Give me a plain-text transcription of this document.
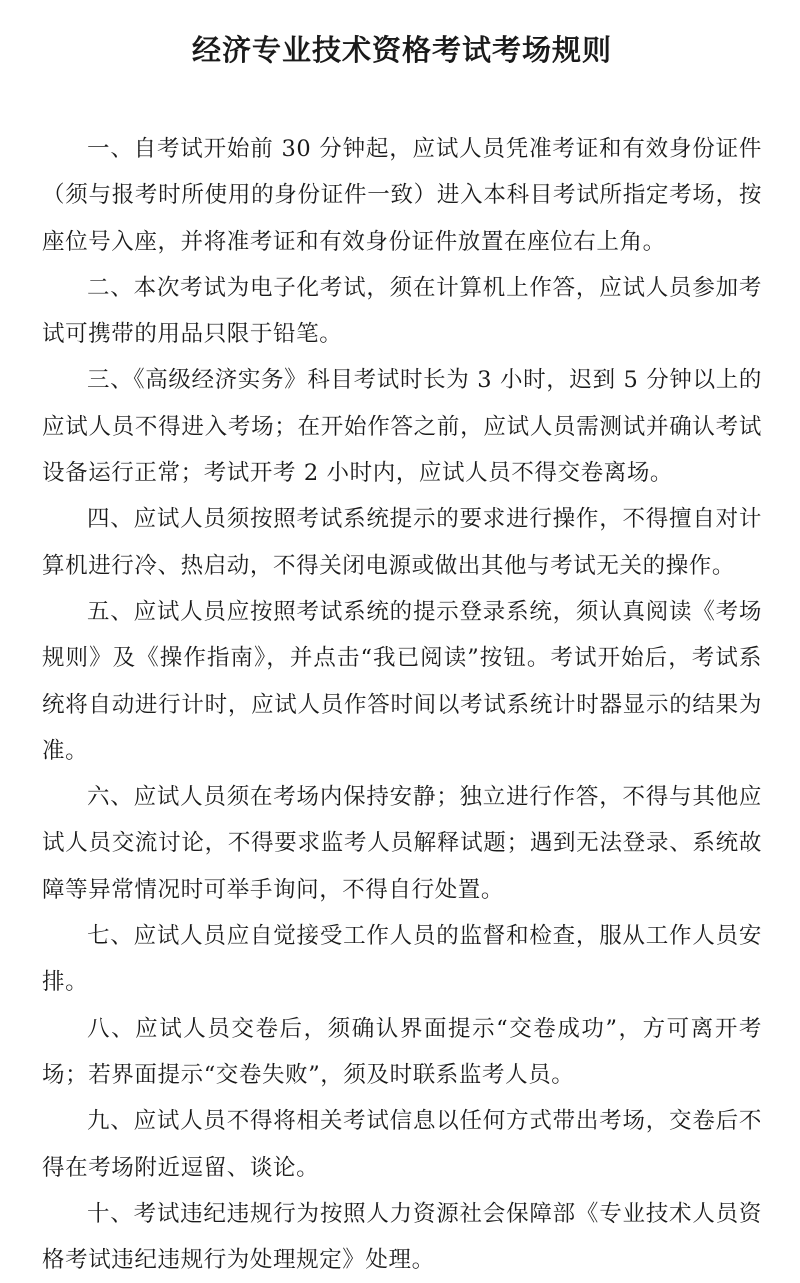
经济专业技术资格考试考场规则

一、自考试开始前 30 分钟起，应试人员凭准考证和有效身份证件（须与报考时所使用的身份证件一致）进入本科目考试所指定考场，按座位号入座，并将准考证和有效身份证件放置在座位右上角。

二、本次考试为电子化考试，须在计算机上作答，应试人员参加考试可携带的用品只限于铅笔。

三、《高级经济实务》科目考试时长为 3 小时，迟到 5 分钟以上的应试人员不得进入考场；在开始作答之前，应试人员需测试并确认考试设备运行正常；考试开考 2 小时内，应试人员不得交卷离场。

四、应试人员须按照考试系统提示的要求进行操作，不得擅自对计算机进行冷、热启动，不得关闭电源或做出其他与考试无关的操作。

五、应试人员应按照考试系统的提示登录系统，须认真阅读《考场规则》及《操作指南》，并点击“我已阅读”按钮。考试开始后，考试系统将自动进行计时，应试人员作答时间以考试系统计时器显示的结果为准。

六、应试人员须在考场内保持安静；独立进行作答，不得与其他应试人员交流讨论，不得要求监考人员解释试题；遇到无法登录、系统故障等异常情况时可举手询问，不得自行处置。

七、应试人员应自觉接受工作人员的监督和检查，服从工作人员安排。

八、应试人员交卷后，须确认界面提示“交卷成功”，方可离开考场；若界面提示“交卷失败”，须及时联系监考人员。

九、应试人员不得将相关考试信息以任何方式带出考场，交卷后不得在考场附近逗留、谈论。

十、考试违纪违规行为按照人力资源社会保障部《专业技术人员资格考试违纪违规行为处理规定》处理。
